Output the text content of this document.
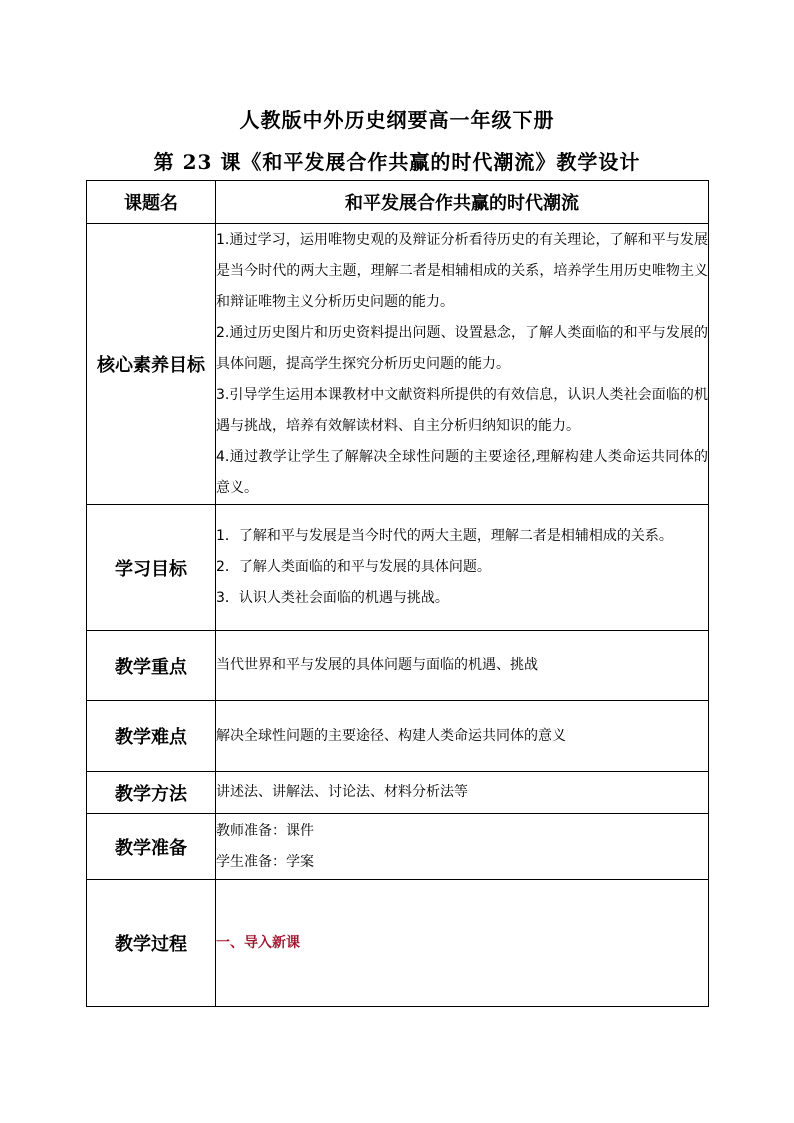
人教版中外历史纲要高一年级下册
第 23 课《和平发展合作共赢的时代潮流》教学设计
课题名	和平发展合作共赢的时代潮流
核心素养目标	1.通过学习，运用唯物史观的及辩证分析看待历史的有关理论，了解和平与发展是当今时代的两大主题，理解二者是相辅相成的关系，培养学生用历史唯物主义和辩证唯物主义分析历史问题的能力。

2.通过历史图片和历史资料提出问题、设置悬念，了解人类面临的和平与发展的具体问题，提高学生探究分析历史问题的能力。

3.引导学生运用本课教材中文献资料所提供的有效信息，认识人类社会面临的机遇与挑战，培养有效解读材料、自主分析归纳知识的能力。

4.通过教学让学生了解解决全球性问题的主要途径,理解构建人类命运共同体的意义。

学习目标	1．了解和平与发展是当今时代的两大主题，理解二者是相辅相成的关系。

2．了解人类面临的和平与发展的具体问题。

3．认识人类社会面临的机遇与挑战。

教学重点	当代世界和平与发展的具体问题与面临的机遇、挑战
教学难点	解决全球性问题的主要途径、构建人类命运共同体的意义
教学方法	讲述法、讲解法、讨论法、材料分析法等
教学准备	教师准备：课件

学生准备：学案

教学过程	一、导入新课
